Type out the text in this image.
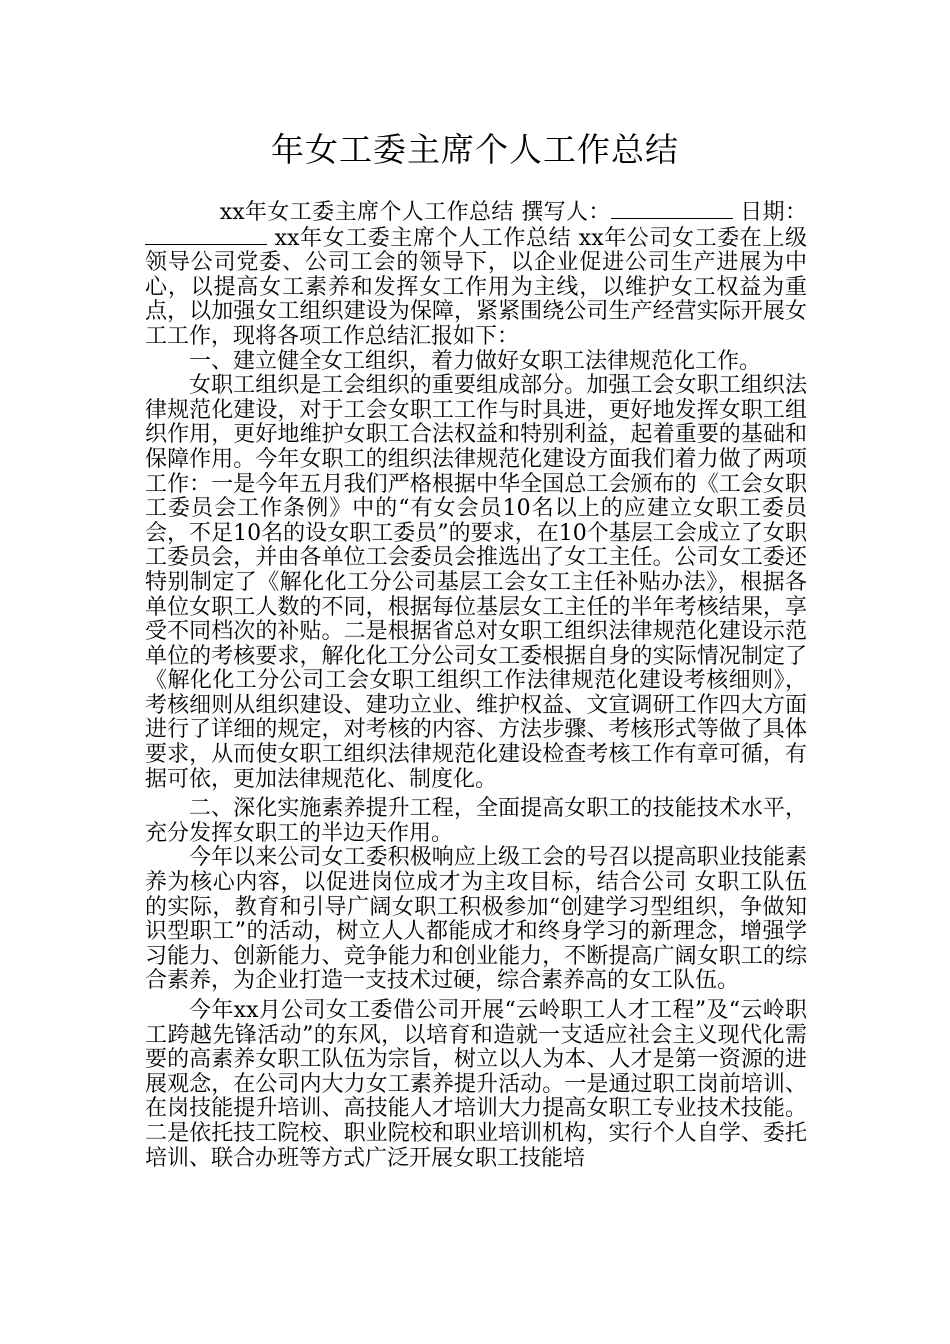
年女工委主席个人工作总结

xx年女工委主席个人工作总结 撰写人：	日期： xx年女工委主席个人工作总结 xx年公司女工委在上级领导公司党委、公司工会的领导下，以企业促进公司生产进展为中心，以提高女工素养和发挥女工作用为主线，以维护女工权益为重点，以加强女工组织建设为保障，紧紧围绕公司生产经营实际开展女工工作，现将各项工作总结汇报如下：

一、建立健全女工组织，着力做好女职工法律规范化工作。

女职工组织是工会组织的重要组成部分。加强工会女职工组织法律规范化建设，对于工会女职工工作与时具进，更好地发挥女职工组织作用，更好地维护女职工合法权益和特别利益，起着重要的基础和保障作用。今年女职工的组织法律规范化建设方面我们着力做了两项工作：一是今年五月我们严格根据中华全国总工会颁布的《工会女职工委员会工作条例》中的“有女会员10名以上的应建立女职工委员会，不足10名的设女职工委员”的要求，在10个基层工会成立了女职工委员会，并由各单位工会委员会推选出了女工主任。公司女工委还特别制定了《解化化工分公司基层工会女工主任补贴办法》，根据各单位女职工人数的不同，根据每位基层女工主任的半年考核结果，享受不同档次的补贴。二是根据省总对女职工组织法律规范化建设示范单位的考核要求，解化化工分公司女工委根据自身的实际情况制定了《解化化工分公司工会女职工组织工作法律规范化建设考核细则》，考核细则从组织建设、建功立业、维护权益、文宣调研工作四大方面进行了详细的规定，对考核的内容、方法步骤、考核形式等做了具体要求，从而使女职工组织法律规范化建设检查考核工作有章可循，有据可依，更加法律规范化、制度化。

二、深化实施素养提升工程，全面提高女职工的技能技术水平，充分发挥女职工的半边天作用。

今年以来公司女工委积极响应上级工会的号召以提高职业技能素养为核心内容，以促进岗位成才为主攻目标，结合公司 女职工队伍的实际，教育和引导广阔女职工积极参加“创建学习型组织，争做知识型职工”的活动，树立人人都能成才和终身学习的新理念，增强学习能力、创新能力、竞争能力和创业能力，不断提高广阔女职工的综合素养，为企业打造一支技术过硬，综合素养高的女工队伍。

今年xx月公司女工委借公司开展“云岭职工人才工程”及“云岭职工跨越先锋活动”的东风，以培育和造就一支适应社会主义现代化需要的高素养女职工队伍为宗旨，树立以人为本、人才是第一资源的进展观念，在公司内大力女工素养提升活动。一是通过职工岗前培训、在岗技能提升培训、高技能人才培训大力提高女职工专业技术技能。二是依托技工院校、职业院校和职业培训机构，实行个人自学、委托培训、联合办班等方式广泛开展女职工技能培
